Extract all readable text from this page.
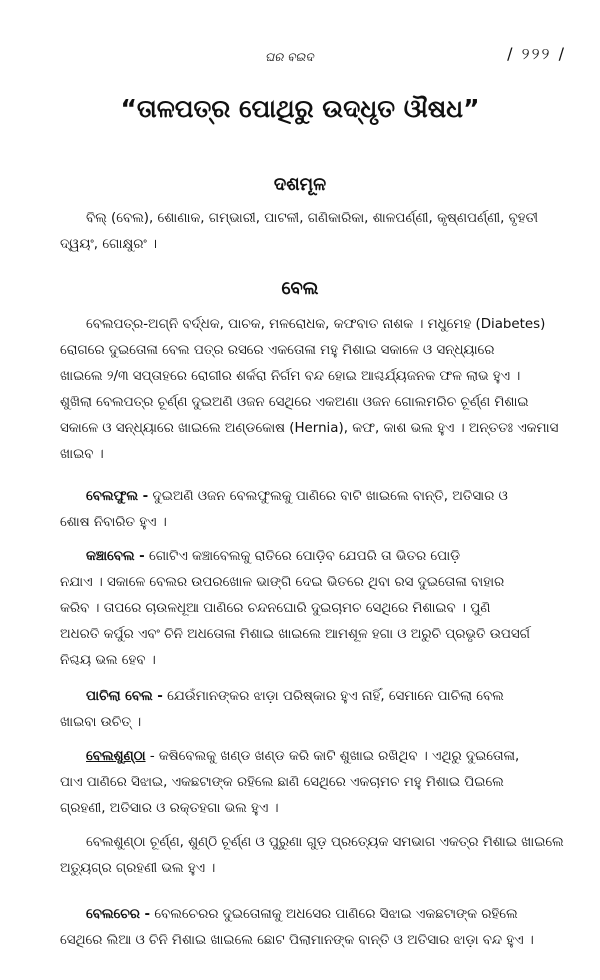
ଘର ବଇଦ	/ ୨୨୨ /
“ତାଳପତ୍ର ପୋଥିରୁ ଉଦ୍ଧୃତ ଔଷଧ”
ଦଶମୂଳ
ବିଲ୍ (ବେଲ), ଶୋଣାକ, ଗମ୍ଭାରୀ, ପାଟଳୀ, ଗଣିକାରିକା, ଶାଳପର୍ଣ୍ଣୀ, କୃଷ୍ଣପର୍ଣ୍ଣୀ, ବୃହତୀ
ଦ୍ୱୟଂ, ଗୋକ୍ଷୁରଂ ।
ବେଲ
ବେଲପତ୍ର-ଅଗ୍ନି ବର୍ଦ୍ଧକ, ପାଚକ, ମଳରୋଧକ, କଫବାତ ନାଶକ । ମଧୁମେହ (Diabetes)
ରୋଗରେ ଦୁଇତୋଳା ବେଲ ପତ୍ର ରସରେ ଏକତୋଳା ମହୁ ମିଶାଇ ସକାଳେ ଓ ସନ୍ଧ୍ୟାରେ
ଖାଇଲେ ୨/୩ ସପ୍ତାହରେ ରୋଗୀର ଶର୍କରା ନିର୍ଗମ ବନ୍ଦ ହୋଇ ଆଶ୍ଚର୍ଯ୍ୟଜନକ ଫଳ ଲାଭ ହୁଏ ।
ଶୁଖିଲା ବେଲପତ୍ର ଚୂର୍ଣ୍ଣ ଦୁଇଅଣି ଓଜନ ସେଥିରେ ଏକଅଣା ଓଜନ ଗୋଲମରିଚ ଚୂର୍ଣ୍ଣ ମିଶାଇ
ସକାଳେ ଓ ସନ୍ଧ୍ୟାରେ ଖାଇଲେ ଅଣ୍ଡକୋଷ (Hernia), କଫ, କାଶ ଭଲ ହୁଏ । ଅନ୍ତତଃ ଏକମାସ
ଖାଇବ ।
ବେଲଫୁଲ - ଦୁଇଅଣି ଓଜନ ବେଲଫୁଲକୁ ପାଣିରେ ବାଟି ଖାଇଲେ ବାନ୍ତି, ଅତିସାର ଓ
ଶୋଷ ନିବାରିତ ହୁଏ ।
କଞ୍ଚାବେଲ - ଗୋଟିଏ କଞ୍ଚାବେଲକୁ ରାତିରେ ପୋଡ଼ିବ ଯେପରି ତା ଭିତର ପୋଡ଼ି
ନଯାଏ । ସକାଳେ ବେଲର ଉପରଖୋଳ ଭାଙ୍ଗି ଦେଇ ଭିତରେ ଥିବା ରସ ଦୁଇତୋଳା ବାହାର
କରିବ । ତାପରେ ଚାଉଳଧୂଆ ପାଣିରେ ଚନ୍ଦନଘୋରି ଦୁଇଚାମଚ ସେଥିରେ ମିଶାଇବ । ପୁଣି
ଅଧରତି କର୍ପୁର ଏବଂ ଚିନି ଅଧତୋଳା ମିଶାଇ ଖାଇଲେ ଆମଶୂଳ ହଗା ଓ ଅରୁଚି ପ୍ରଭୃତି ଉପସର୍ଗ
ନିଶ୍ଚୟ ଭଲ ହେବ ।
ପାଚିଲା ବେଲ - ଯେଉଁମାନଙ୍କର ଝାଡ଼ା ପରିଷ୍କାର ହୁଏ ନାହିଁ, ସେମାନେ ପାଚିଲା ବେଲ
ଖାଇବା ଉଚିତ୍ ।
ବେଲଶୁଣ୍ଠା - କଷିବେଲକୁ ଖଣ୍ଡ ଖଣ୍ଡ କରି କାଟି ଶୁଖାଇ ରଖିଥିବ । ଏଥିରୁ ଦୁଇତୋଳା,
ପାଏ ପାଣିରେ ସିଝାଇ, ଏକଛଟାଙ୍କ ରହିଲେ ଛାଣି ସେଥିରେ ଏକଚାମଚ ମହୁ ମିଶାଇ ପିଇଲେ
ଗ୍ରହଣୀ, ଅତିସାର ଓ ରକ୍ତହଗା ଭଲ ହୁଏ ।
ବେଲଶୁଣ୍ଠା ଚୂର୍ଣ୍ଣ, ଶୁଣ୍ଠି ଚୂର୍ଣ୍ଣ ଓ ପୁରୁଣା ଗୁଡ଼ ପ୍ରତ୍ୟେକ ସମଭାଗ ଏକତ୍ର ମିଶାଇ ଖାଇଲେ
ଅତ୍ୟୁଗ୍ର ଗ୍ରହଣୀ ଭଲ ହୁଏ ।
ବେଲଚେର - ବେଲଚେରର ଦୁଇତୋଳାକୁ ଅଧସେର ପାଣିରେ ସିଝାଇ ଏକଛଟାଙ୍କ ରହିଲେ
ସେଥିରେ ଲିଆ ଓ ଚିନି ମିଶାଇ ଖାଇଲେ ଛୋଟ ପିଲାମାନଙ୍କ ବାନ୍ତି ଓ ଅତିସାର ଝାଡ଼ା ବନ୍ଦ ହୁଏ ।
